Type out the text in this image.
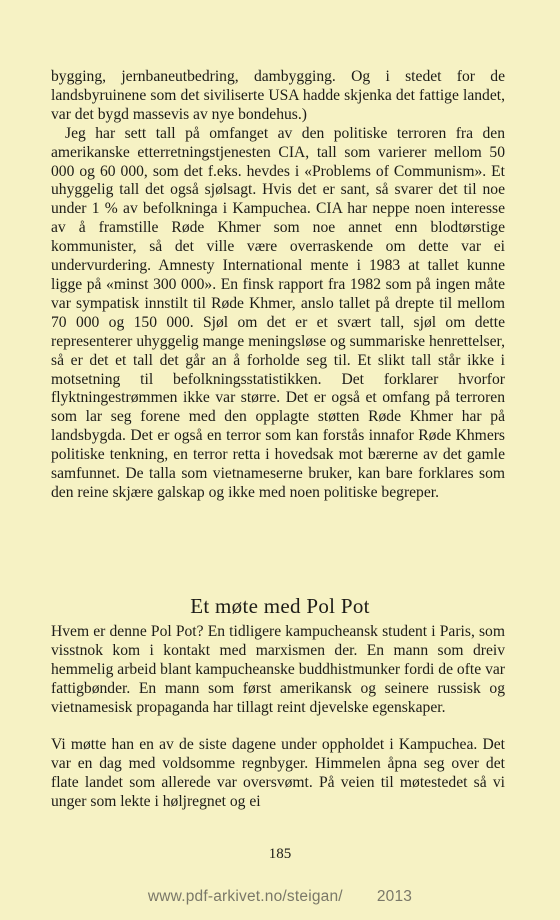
bygging, jernbaneutbedring, dambygging. Og i stedet for de landsbyruinene som det siviliserte USA hadde skjenka det fattige landet, var det bygd massevis av nye bondehus.)

Jeg har sett tall på omfanget av den politiske terroren fra den amerikanske etterretningstjenesten CIA, tall som varierer mellom 50 000 og 60 000, som det f.eks. hevdes i «Problems of Communism». Et uhyggelig tall det også sjølsagt. Hvis det er sant, så svarer det til noe under 1 % av befolkninga i Kampuchea. CIA har neppe noen interesse av å framstille Røde Khmer som noe annet enn blodtørstige kommunister, så det ville være overraskende om dette var ei undervurdering. Amnesty International mente i 1983 at tallet kunne ligge på «minst 300 000». En finsk rapport fra 1982 som på ingen måte var sympatisk innstilt til Røde Khmer, anslo tallet på drepte til mellom 70 000 og 150 000. Sjøl om det er et svært tall, sjøl om dette representerer uhyggelig mange meningsløse og summariske henrettelser, så er det et tall det går an å forholde seg til. Et slikt tall står ikke i motsetning til befolkningsstatistikken. Det forklarer hvorfor flyktningestrømmen ikke var større. Det er også et omfang på terroren som lar seg forene med den opplagte støtten Røde Khmer har på landsbygda. Det er også en terror som kan forstås innafor Røde Khmers politiske tenkning, en terror retta i hovedsak mot bærerne av det gamle samfunnet. De talla som vietnameserne bruker, kan bare forklares som den reine skjære galskap og ikke med noen politiske begreper.

Et møte med Pol Pot

Hvem er denne Pol Pot? En tidligere kampucheansk student i Paris, som visstnok kom i kontakt med marxismen der. En mann som dreiv hemmelig arbeid blant kampucheanske buddhistmunker fordi de ofte var fattigbønder. En mann som først amerikansk og seinere russisk og vietnamesisk propaganda har tillagt reint djevelske egenskaper.

Vi møtte han en av de siste dagene under oppholdet i Kampuchea. Det var en dag med voldsomme regnbyger. Himmelen åpna seg over det flate landet som allerede var oversvømt. På veien til møtestedet så vi unger som lekte i høljregnet og ei

185
www.pdf-arkivet.no/steigan/ 2013
